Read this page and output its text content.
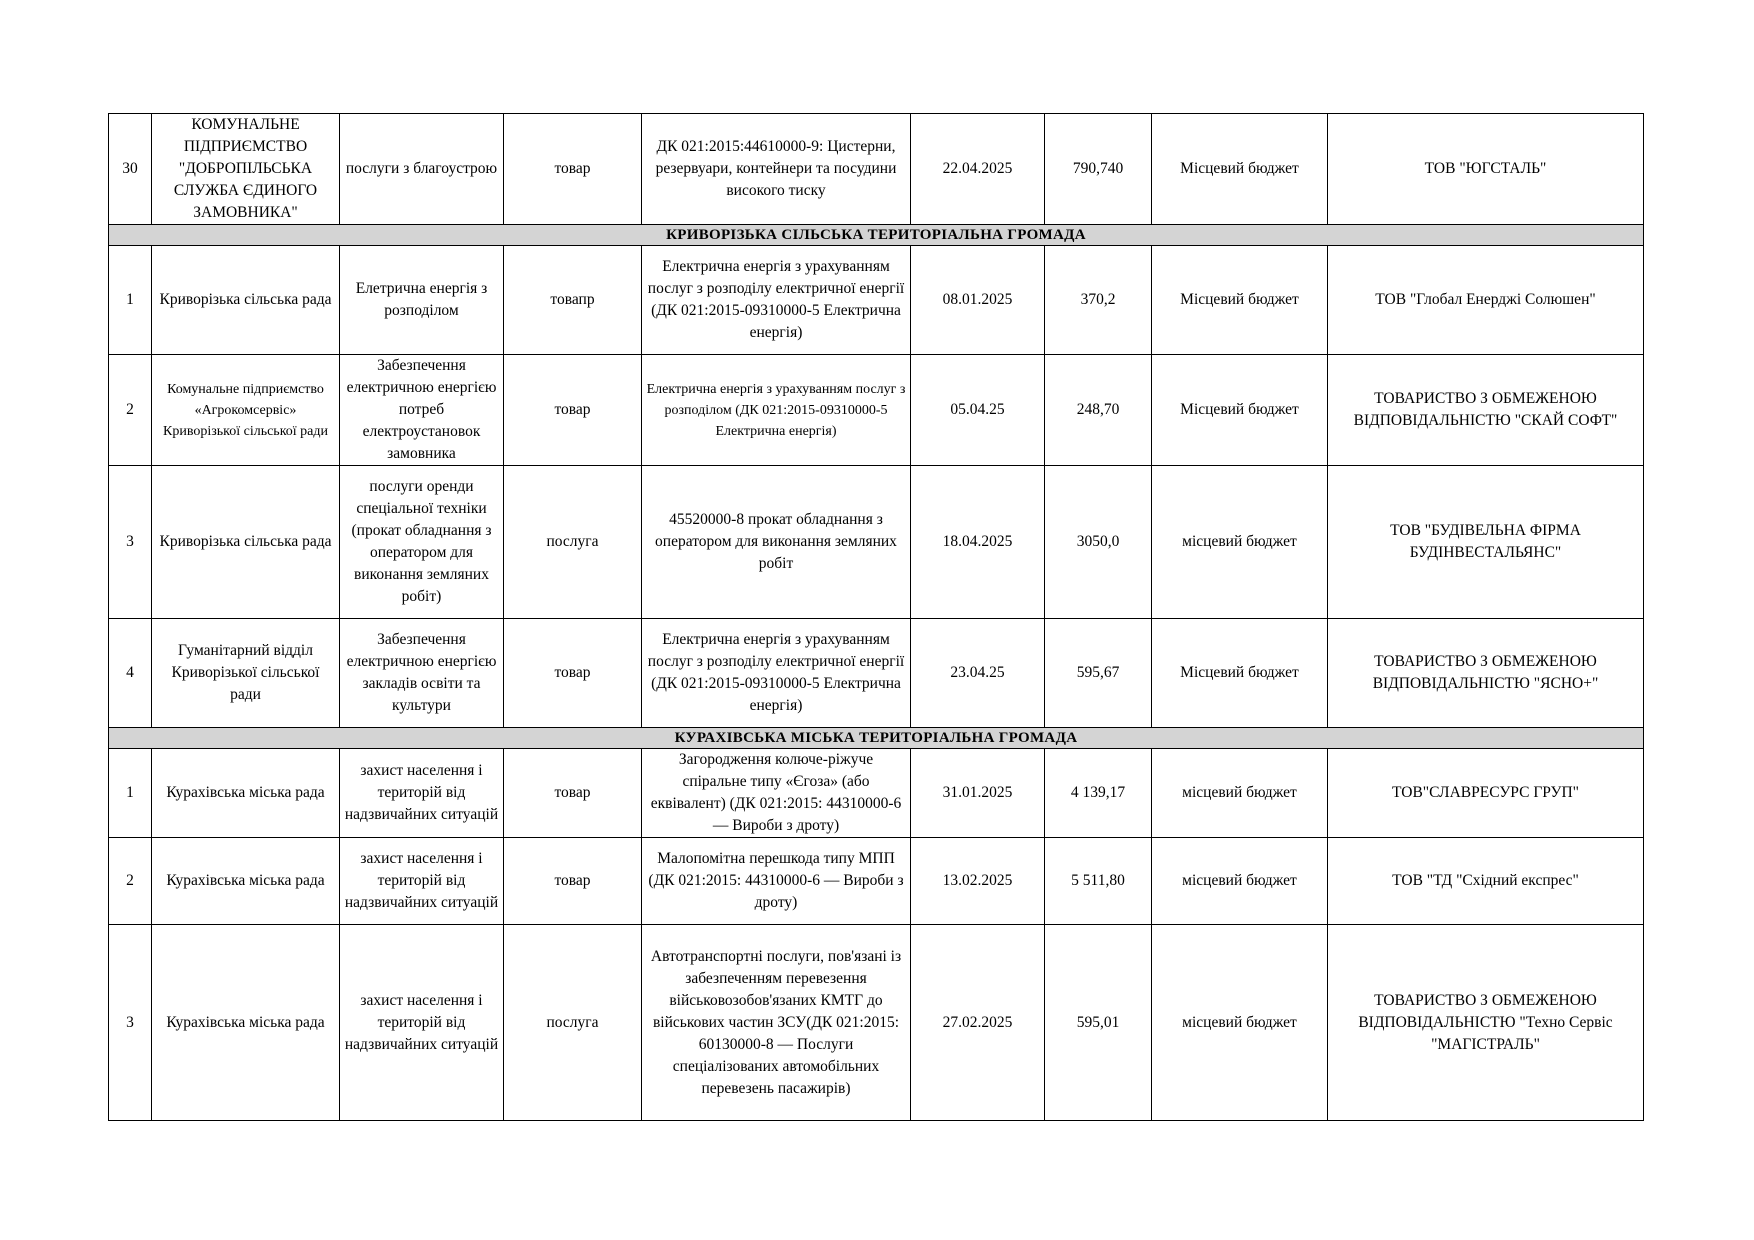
30	КОМУНАЛЬНЕ ПІДПРИЄМСТВО "ДОБРОПІЛЬСЬКА СЛУЖБА ЄДИНОГО ЗАМОВНИКА"	послуги з благоустрою	товар	ДК 021:2015:44610000-9: Цистерни, резервуари, контейнери та посудини високого тиску	22.04.2025	790,740	Місцевий бюджет	ТОВ "ЮГСТАЛЬ"
КРИВОРІЗЬКА СІЛЬСЬКА ТЕРИТОРІАЛЬНА ГРОМАДА								
1	Криворізька сільська рада	Елетрична енергія з розподілом	товапр	Електрична енергія з урахуванням послуг з розподілу електричної енергії (ДК 021:2015-09310000-5 Електрична енергія)	08.01.2025	370,2	Місцевий бюджет	ТОВ "Глобал Енерджі Солюшен"
2	Комунальне підприємство «Агрокомсервіс» Криворізької сільської ради	Забезпечення електричною енергією потреб електроустановок замовника	товар	Електрична енергія з урахуванням послуг з розподілом (ДК 021:2015-09310000-5 Електрична енергія)	05.04.25	248,70	Місцевий бюджет	ТОВАРИСТВО З ОБМЕЖЕНОЮ ВІДПОВІДАЛЬНІСТЮ "СКАЙ СОФТ"
3	Криворізька сільська рада	послуги оренди спеціальної техніки (прокат обладнання з оператором для виконання земляних робіт)	послуга	45520000-8 прокат обладнання з оператором для виконання земляних робіт	18.04.2025	3050,0	місцевий бюджет	ТОВ "БУДІВЕЛЬНА ФІРМА БУДІНВЕСТАЛЬЯНС"
4	Гуманітарний відділ Криворізької сільської ради	Забезпечення електричною енергією закладів освіти та культури	товар	Електрична енергія з урахуванням послуг з розподілу електричної енергії (ДК 021:2015-09310000-5 Електрична енергія)	23.04.25	595,67	Місцевий бюджет	ТОВАРИСТВО З ОБМЕЖЕНОЮ ВІДПОВІДАЛЬНІСТЮ "ЯСНО+"
КУРАХІВСЬКА МІСЬКА ТЕРИТОРІАЛЬНА ГРОМАДА								
1	Курахівська міська рада	захист населення і територій від надзвичайних ситуацій	товар	Загородження колюче-ріжуче спіральне типу «Єгоза» (або еквівалент) (ДК 021:2015: 44310000-6 — Вироби з дроту)	31.01.2025	4 139,17	місцевий бюджет	ТОВ"СЛАВРЕСУРС ГРУП"
2	Курахівська міська рада	захист населення і територій від надзвичайних ситуацій	товар	Малопомітна перешкода типу МПП (ДК 021:2015: 44310000-6 — Вироби з дроту)	13.02.2025	5 511,80	місцевий бюджет	ТОВ "ТД "Східний експрес"
3	Курахівська міська рада	захист населення і територій від надзвичайних ситуацій	послуга	Автотранспортні послуги, пов'язані із забезпеченням перевезення військовозобов'язаних КМТГ до військових частин ЗСУ(ДК 021:2015: 60130000-8 — Послуги спеціалізованих автомобільних перевезень пасажирів)	27.02.2025	595,01	місцевий бюджет	ТОВАРИСТВО З ОБМЕЖЕНОЮ ВІДПОВІДАЛЬНІСТЮ "Техно Сервіс "МАГІСТРАЛЬ"
